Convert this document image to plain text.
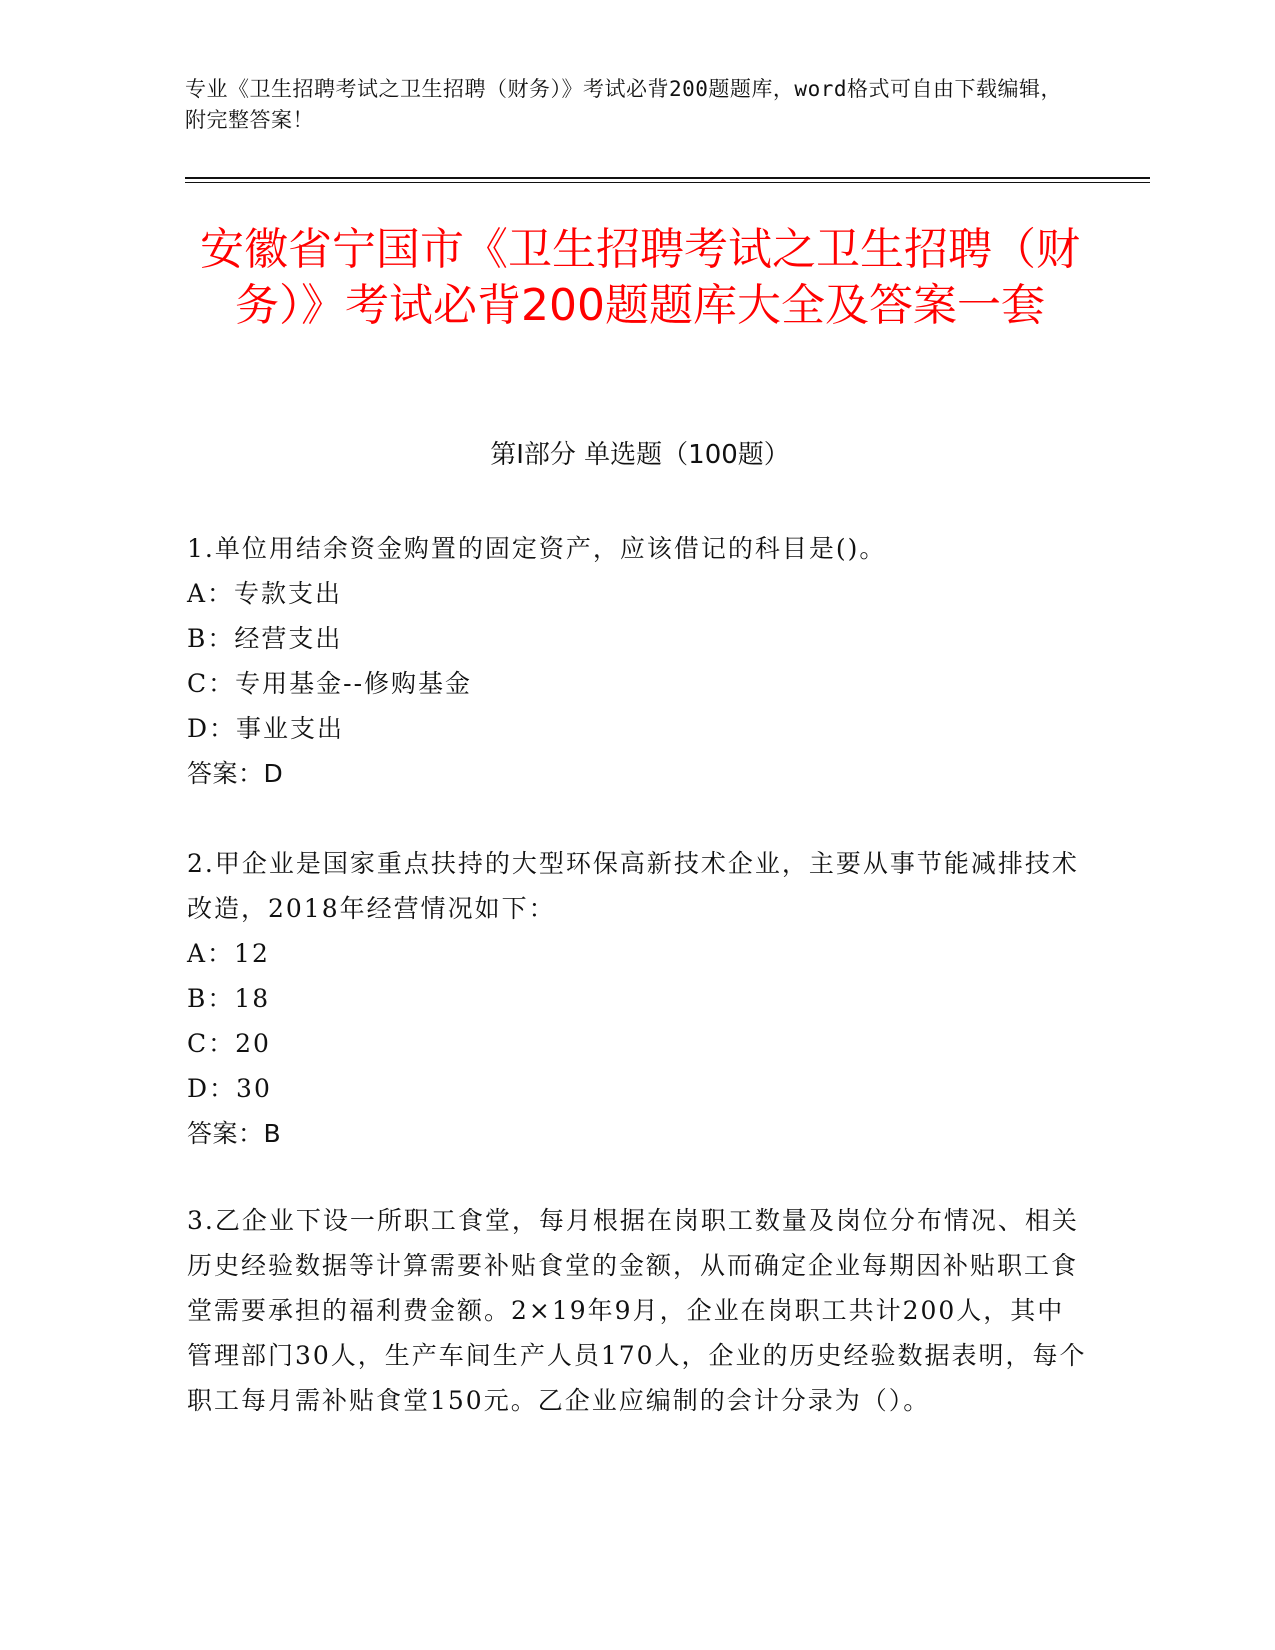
专业《卫生招聘考试之卫生招聘（财务）》考试必背200题题库，word格式可自由下载编辑，附完整答案！
安徽省宁国市《卫生招聘考试之卫生招聘（财务）》考试必背200题题库大全及答案一套
第I部分 单选题（100题）

1.单位用结余资金购置的固定资产，应该借记的科目是()。

A：专款支出

B：经营支出

C：专用基金--修购基金

D：事业支出

答案：D

2.甲企业是国家重点扶持的大型环保高新技术企业，主要从事节能减排技术改造，2018年经营情况如下：

A：12

B：18

C：20

D：30

答案：B

3.乙企业下设一所职工食堂，每月根据在岗职工数量及岗位分布情况、相关历史经验数据等计算需要补贴食堂的金额，从而确定企业每期因补贴职工食堂需要承担的福利费金额。2×19年9月，企业在岗职工共计200人，其中管理部门30人，生产车间生产人员170人，企业的历史经验数据表明，每个职工每月需补贴食堂150元。乙企业应编制的会计分录为（）。
